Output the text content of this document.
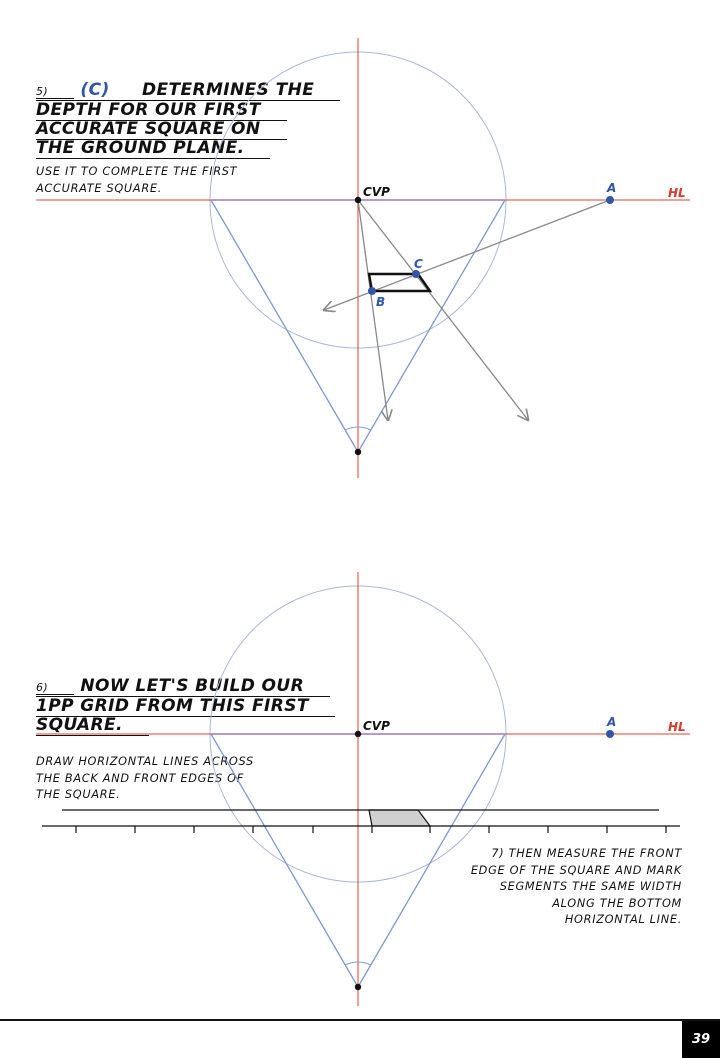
5) (C) DETERMINES THE
DEPTH FOR OUR FIRST
ACCURATE SQUARE ON
THE GROUND PLANE.

USE IT TO COMPLETE THE FIRST
ACCURATE SQUARE.	CVP	A	HL
B
C
6) NOW LET'S BUILD OUR
1PP GRID FROM THIS FIRST
SQUARE.

DRAW HORIZONTAL LINES ACROSS
THE BACK AND FRONT EDGES OF
THE SQUARE.

7) THEN MEASURE THE FRONT
EDGE OF THE SQUARE AND MARK
SEGMENTS THE SAME WIDTH
ALONG THE BOTTOM
HORIZONTAL LINE.

CVP	A	HL
39
